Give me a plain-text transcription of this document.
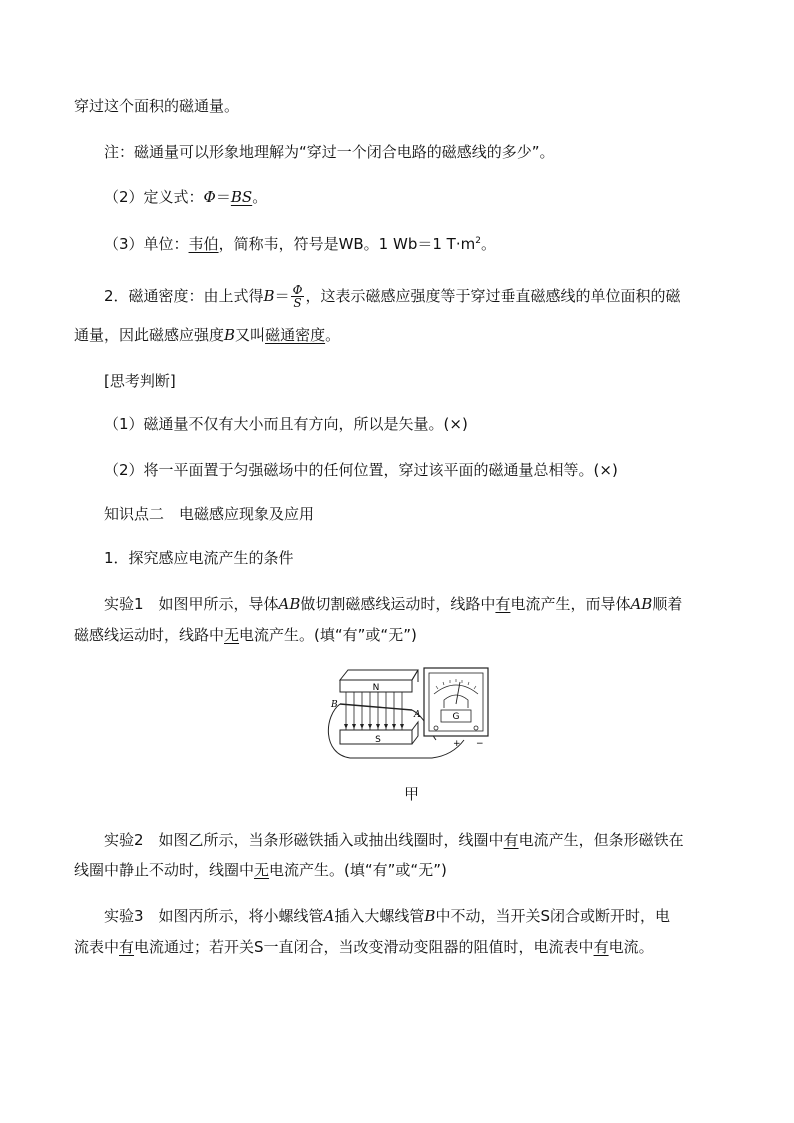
穿过这个面积的磁通量。
注：磁通量可以形象地理解为“穿过一个闭合电路的磁感线的多少”。
（2）定义式：Φ＝BS。
（3）单位：韦伯，简称韦，符号是WB。1 Wb＝1 $T\cdot m^2$。
2．磁通密度：由上式得$B= \frac{\Phi}{S}$ ，这表示磁感应强度等于穿过垂直磁感线的单位面积的磁
通量，因此磁感应强度B又叫磁通密度。
[思考判断]
（1）磁通量不仅有大小而且有方向，所以是矢量。(×)
（2）将一平面置于匀强磁场中的任何位置，穿过该平面的磁通量总相等。(×)
知识点二　电磁感应现象及应用
1．探究感应电流产生的条件
实验1　如图甲所示，导体AB做切割磁感线运动时，线路中有电流产生，而导体AB顺着
磁感线运动时，线路中无电流产生。(填“有”或“无”)
N
B
A
S
G
+ −
甲
实验2　如图乙所示，当条形磁铁插入或抽出线圈时，线圈中有电流产生，但条形磁铁在
线圈中静止不动时，线圈中无电流产生。(填“有”或“无”)
实验3　如图丙所示，将小螺线管A插入大螺线管B中不动，当开关S闭合或断开时，电
流表中有电流通过；若开关S一直闭合，当改变滑动变阻器的阻值时，电流表中有电流。
